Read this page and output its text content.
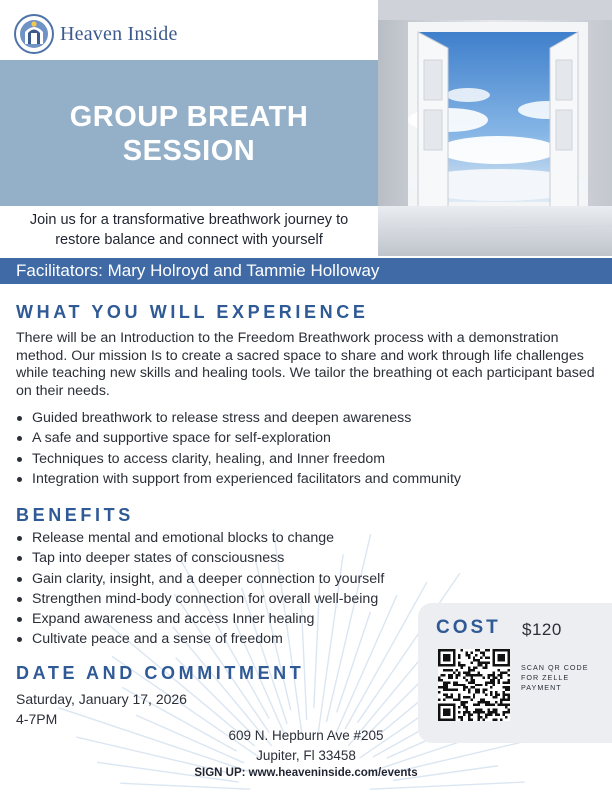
Heaven Inside
GROUP BREATH
SESSION
Join us for a transformative breathwork journey to
restore balance and connect with yourself
Facilitators: Mary Holroyd and Tammie Holloway
WHAT YOU WILL EXPERIENCE
There will be an Introduction to the Freedom Breathwork process with a demonstration method. Our mission Is to create a sacred space to share and work through life challenges while teaching new skills and healing tools. We tailor the breathing ot each participant based on their needs.
Guided breathwork to release stress and deepen awareness
A safe and supportive space for self-exploration
Techniques to access clarity, healing, and Inner freedom
Integration with support from experienced facilitators and community
BENEFITS
Release mental and emotional blocks to change
Tap into deeper states of consciousness
Gain clarity, insight, and a deeper connection to yourself
Strengthen mind-body connection for overall well-being
Expand awareness and access Inner healing
Cultivate peace and a sense of freedom
COST $120
SCAN QR CODE FOR ZELLE PAYMENT
DATE AND COMMITMENT
Saturday, January 17, 2026
4-7PM
609 N. Hepburn Ave #205
Jupiter, Fl 33458
SIGN UP: www.heaveninside.com/events
